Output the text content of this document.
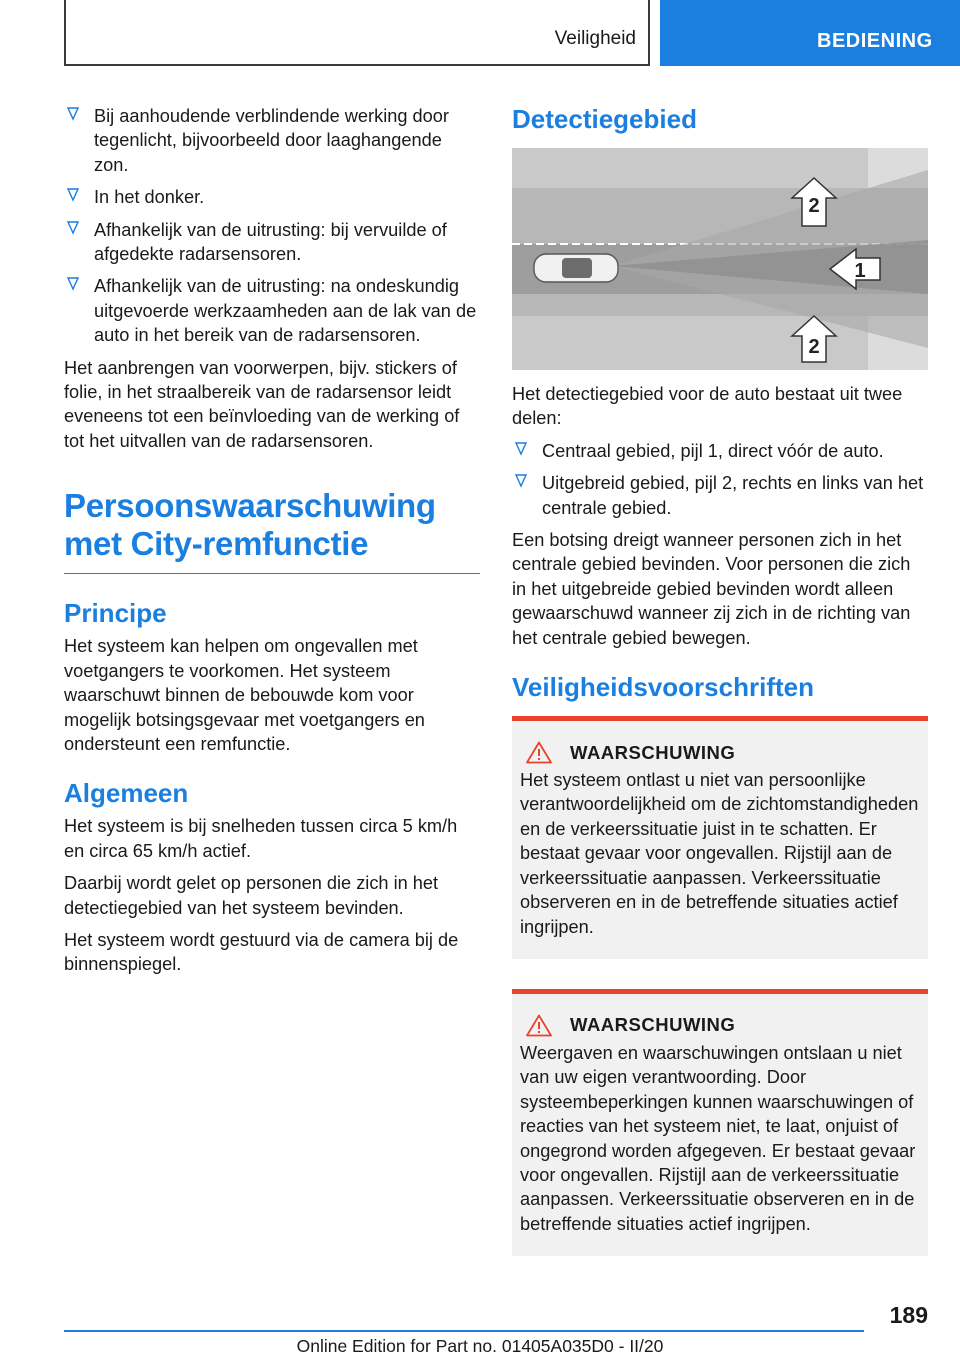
Veiligheid	BEDIENING
Bij aanhoudende verblindende werking door tegenlicht, bijvoorbeeld door laaghangende zon.
In het donker.
Afhankelijk van de uitrusting: bij vervuilde of afgedekte radarsensoren.
Afhankelijk van de uitrusting: na ondeskundig uitgevoerde werkzaamheden aan de lak van de auto in het bereik van de radarsensoren.

Het aanbrengen van voorwerpen, bijv. stickers of folie, in het straalbereik van de radarsensor leidt eveneens tot een beïnvloeding van de werking of tot het uitvallen van de radarsensoren.

Persoonswaarschuwing met City-remfunctie
Principe

Het systeem kan helpen om ongevallen met voetgangers te voorkomen. Het systeem waarschuwt binnen de bebouwde kom voor mogelijk botsingsgevaar met voetgangers en ondersteunt een remfunctie.

Algemeen

Het systeem is bij snelheden tussen circa 5 km/h en circa 65 km/h actief.

Daarbij wordt gelet op personen die zich in het detectiegebied van het systeem bevinden.

Het systeem wordt gestuurd via de camera bij de binnenspiegel.

Detectiegebied
2
1
2

Het detectiegebied voor de auto bestaat uit twee delen:

Centraal gebied, pijl 1, direct vóór de auto.
Uitgebreid gebied, pijl 2, rechts en links van het centrale gebied.

Een botsing dreigt wanneer personen zich in het centrale gebied bevinden. Voor personen die zich in het uitgebreide gebied bevinden wordt alleen gewaarschuwd wanneer zij zich in de richting van het centrale gebied bewegen.

Veiligheidsvoorschriften
WAARSCHUWING

Het systeem ontlast u niet van persoonlijke verantwoordelijkheid om de zichtomstandigheden en de verkeerssituatie juist in te schatten. Er bestaat gevaar voor ongevallen. Rijstijl aan de verkeerssituatie aanpassen. Verkeerssituatie observeren en in de betreffende situaties actief ingrijpen.

WAARSCHUWING

Weergaven en waarschuwingen ontslaan u niet van uw eigen verantwoording. Door systeembeperkingen kunnen waarschuwingen of reacties van het systeem niet, te laat, onjuist of ongegrond worden afgegeven. Er bestaat gevaar voor ongevallen. Rijstijl aan de verkeerssituatie aanpassen. Verkeerssituatie observeren en in de betreffende situaties actief ingrijpen.

189
Online Edition for Part no. 01405A035D0 - II/20
